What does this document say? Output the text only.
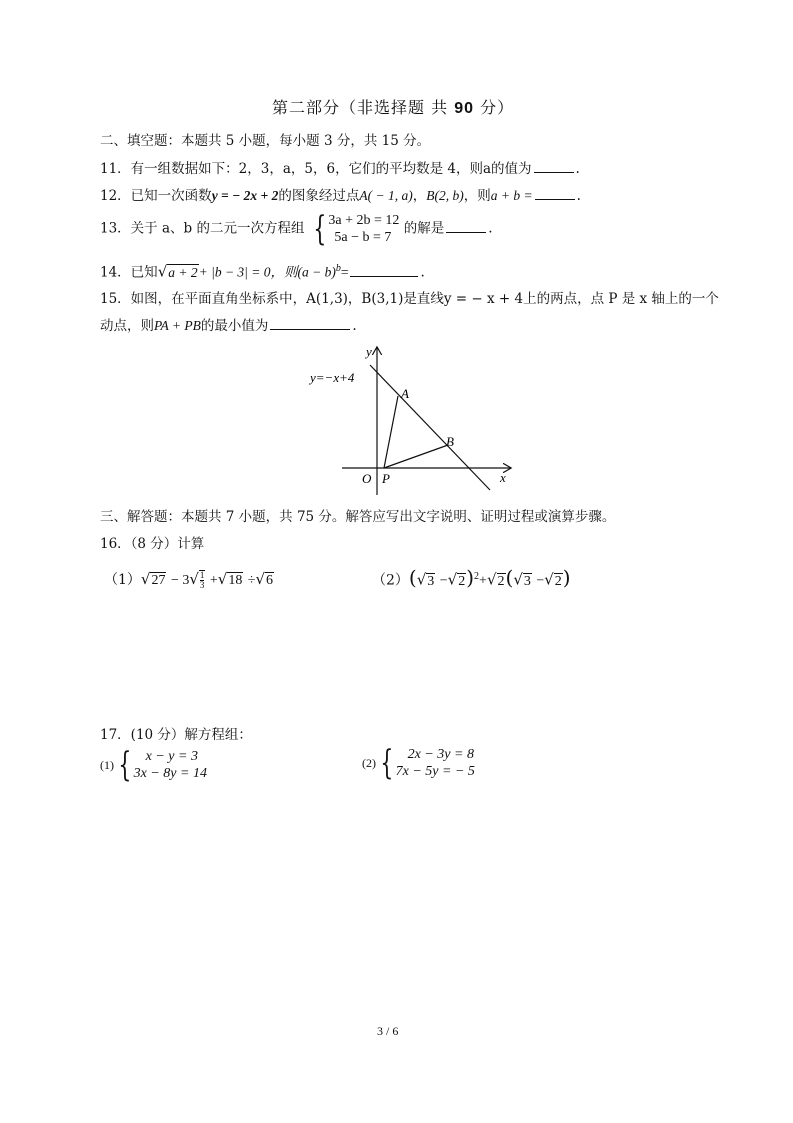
第二部分（非选择题 共 90 分）
二、填空题：本题共 5 小题，每小题 3 分，共 15 分。
11．有一组数据如下：2，3，a，5，6，它们的平均数是 4，则a的值为	.
12．已知一次函数y = − 2x + 2的图象经过点A( − 1, a)，B(2, b)，则a + b =	.
13．关于 a、b 的二元一次方程组 { 3a + 2b = 12
5a − b = 7
的解是	.
14．已知√a + 2+ |b − 3| = 0，则$(a - b)^b=$	.
15．如图，在平面直角坐标系中，A(1,3)，B(3,1)是直线y = − x + 4上的两点，点 P 是 x 轴上的一个
动点，则PA + PB的最小值为	.
y
x
O P
A
B
y=−x+4
三、解答题：本题共 7 小题，共 75 分。解答应写出文字说明、证明过程或演算步骤。
16．（8 分）计算
$(1)√27 - 3√ \frac{1}{3} +√18 \div√6$	$(2)(√3 -√2)^2+√2(√3 -√2)$
17．(10 分）解方程组：
(1) {	x − y = 3
3x − 8y = 14
(2) {	2x − 3y = 8
7x − 5y = − 5
3 / 6
